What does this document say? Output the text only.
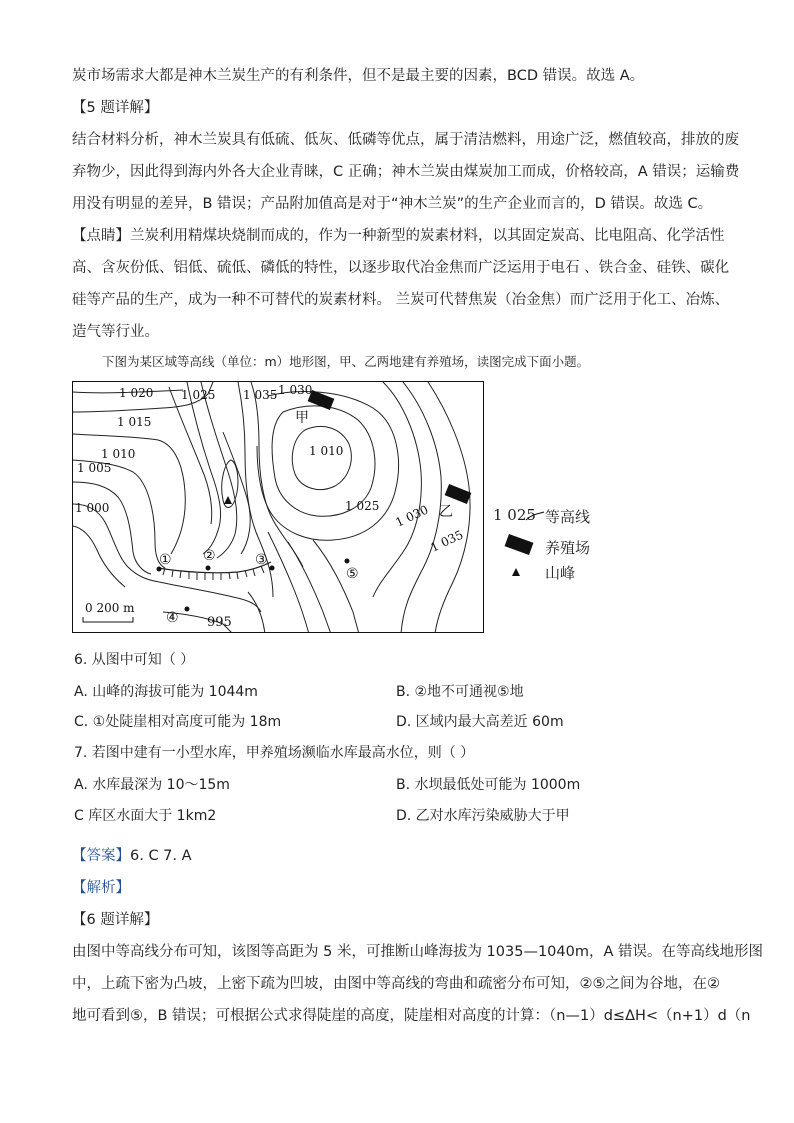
炭市场需求大都是神木兰炭生产的有利条件，但不是最主要的因素，BCD 错误。故选 A。
【5 题详解】
结合材料分析，神木兰炭具有低硫、低灰、低磷等优点，属于清洁燃料，用途广泛，燃值较高，排放的废
弃物少，因此得到海内外各大企业青睐，C 正确；神木兰炭由煤炭加工而成，价格较高，A 错误；运输费
用没有明显的差异，B 错误；产品附加值高是对于“神木兰炭”的生产企业而言的，D 错误。故选 C。
【点睛】兰炭利用精煤块烧制而成的，作为一种新型的炭素材料，以其固定炭高、比电阻高、化学活性
高、含灰份低、铝低、硫低、磷低的特性，以逐步取代冶金焦而广泛运用于电石 、铁合金、硅铁、碳化
硅等产品的生产，成为一种不可替代的炭素材料。 兰炭可代替焦炭（冶金焦）而广泛用于化工、冶炼、
造气等行业。
下图为某区域等高线（单位：m）地形图，甲、乙两地建有养殖场，读图完成下面小题。
1 020 1 025 1 035 1 030
1 015
1 010
1 005
1 000
1 010
1 025 1 030
1 035
995
0 200 m
甲
乙
① ②	③
④
⑤
1 025 等高线
养殖场
山峰
6. 从图中可知（ ）
A. 山峰的海拔可能为 1044m	B. ②地不可通视⑤地
C. ①处陡崖相对高度可能为 18m	D. 区域内最大高差近 60m
7. 若图中建有一小型水库，甲养殖场濒临水库最高水位，则（ ）
A. 水库最深为 10～15m	B. 水坝最低处可能为 1000m
C 库区水面大于 1km2	D. 乙对水库污染威胁大于甲
【答案】6. C 7. A
【解析】
【6 题详解】
由图中等高线分布可知，该图等高距为 5 米，可推断山峰海拔为 1035—1040m，A 错误。在等高线地形图
中，上疏下密为凸坡，上密下疏为凹坡，由图中等高线的弯曲和疏密分布可知，②⑤之间为谷地，在②
地可看到⑤，B 错误；可根据公式求得陡崖的高度，陡崖相对高度的计算：（n—1）d≤ΔH<（n+1）d（n
